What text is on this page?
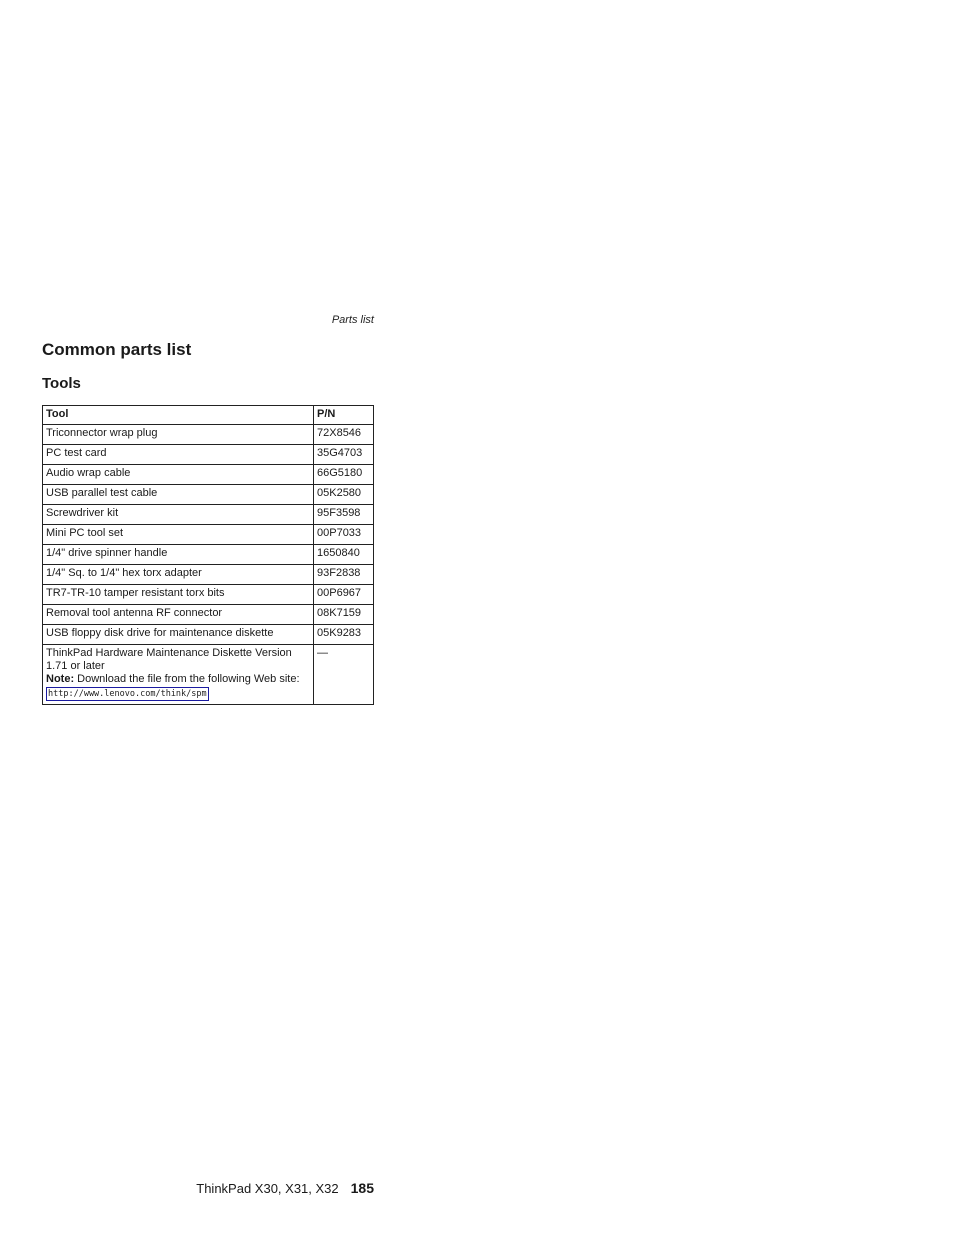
Parts list
Common parts list
Tools
Tool	P/N
Triconnector wrap plug	72X8546
PC test card	35G4703
Audio wrap cable	66G5180
USB parallel test cable	05K2580
Screwdriver kit	95F3598
Mini PC tool set	00P7033
1/4" drive spinner handle	1650840
1/4" Sq. to 1/4" hex torx adapter	93F2838
TR7-TR-10 tamper resistant torx bits	00P6967
Removal tool antenna RF connector	08K7159
USB floppy disk drive for maintenance diskette	05K9283

ThinkPad Hardware Maintenance Diskette Version 1.71 or later
Note: Download the file from the following Web site:
http://www.lenovo.com/think/spm	—
ThinkPad X30, X31, X32 185
